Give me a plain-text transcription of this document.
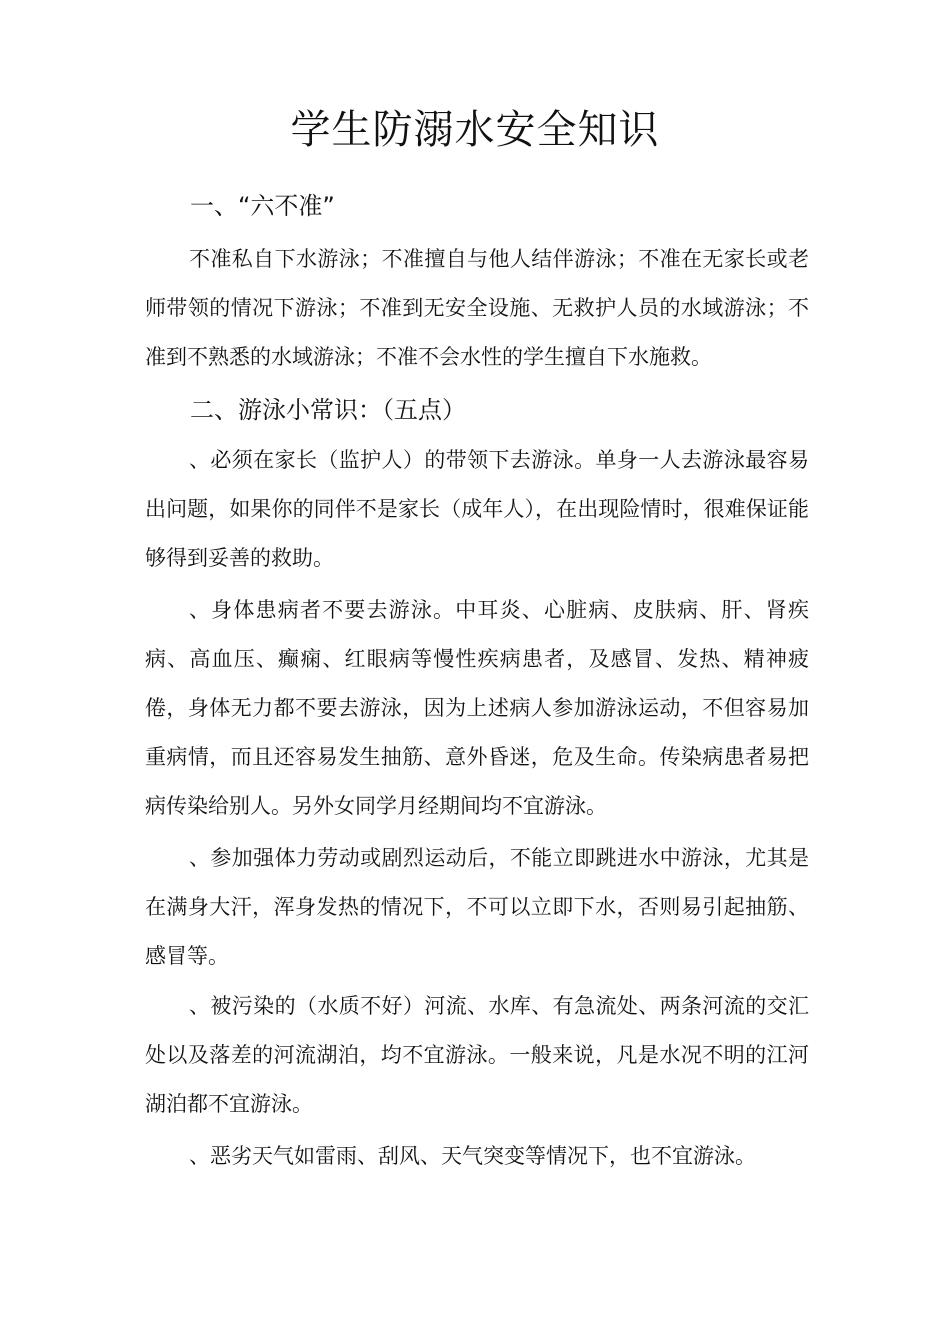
学生防溺水安全知识
一、“六不准”

不准私自下水游泳；不准擅自与他人结伴游泳；不准在无家长或老师带领的情况下游泳；不准到无安全设施、无救护人员的水域游泳；不准到不熟悉的水域游泳；不准不会水性的学生擅自下水施救。

二、游泳小常识：（五点）

、必须在家长（监护人）的带领下去游泳。单身一人去游泳最容易出问题，如果你的同伴不是家长（成年人），在出现险情时，很难保证能够得到妥善的救助。

、身体患病者不要去游泳。中耳炎、心脏病、皮肤病、肝、肾疾病、高血压、癫痫、红眼病等慢性疾病患者，及感冒、发热、精神疲倦，身体无力都不要去游泳，因为上述病人参加游泳运动，不但容易加重病情，而且还容易发生抽筋、意外昏迷，危及生命。传染病患者易把病传染给别人。另外女同学月经期间均不宜游泳。

、参加强体力劳动或剧烈运动后，不能立即跳进水中游泳，尤其是在满身大汗，浑身发热的情况下，不可以立即下水，否则易引起抽筋、感冒等。

、被污染的（水质不好）河流、水库、有急流处、两条河流的交汇处以及落差的河流湖泊，均不宜游泳。一般来说，凡是水况不明的江河湖泊都不宜游泳。

、恶劣天气如雷雨、刮风、天气突变等情况下，也不宜游泳。
